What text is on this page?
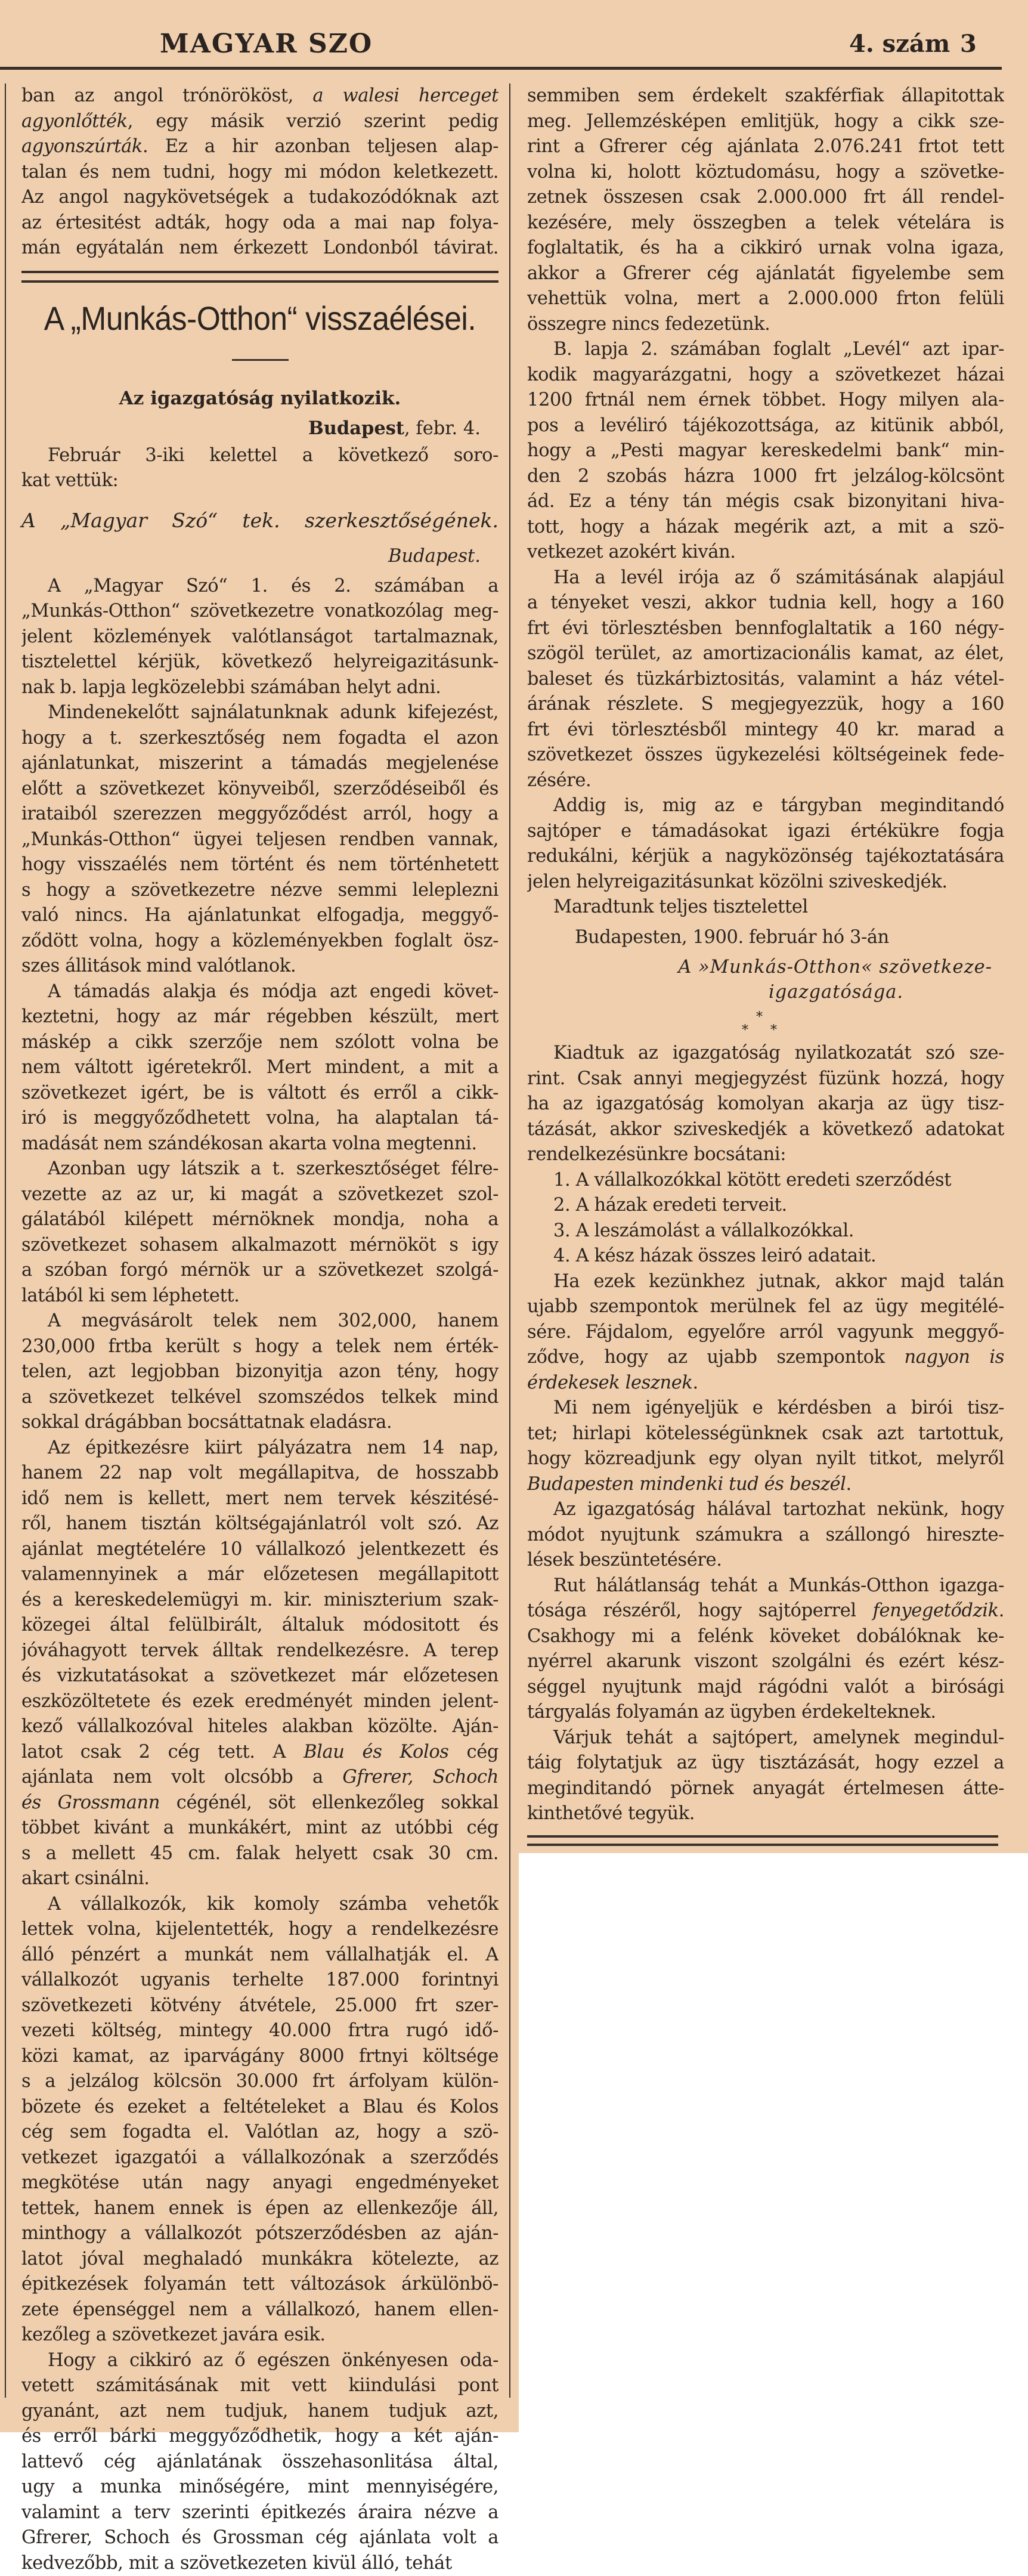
MAGYAR SZO	4. szám 3
ban az angol trónörököst, a walesi herceget
agyonlőtték, egy másik verzió szerint pedig
agyonszúrták. Ez a hir azonban teljesen alap-
talan és nem tudni, hogy mi módon keletkezett.
Az angol nagykövetségek a tudakozódóknak azt
az értesitést adták, hogy oda a mai nap folya-
mán egyátalán nem érkezett Londonból távirat.
A „Munkás-Otthon“ visszaélései.
Az igazgatóság nyilatkozik.
Budapest, febr. 4.
Február 3-iki kelettel a következő soro-
kat vettük:
A „Magyar Szó“ tek. szerkesztőségének.
Budapest.
A „Magyar Szó“ 1. és 2. számában a
„Munkás-Otthon“ szövetkezetre vonatkozólag meg-
jelent közlemények valótlanságot tartalmaznak,
tisztelettel kérjük, következő helyreigazitásunk-
nak b. lapja legközelebbi számában helyt adni.
Mindenekelőtt sajnálatunknak adunk kifejezést,
hogy a t. szerkesztőség nem fogadta el azon
ajánlatunkat, miszerint a támadás megjelenése
előtt a szövetkezet könyveiből, szerződéseiből és
irataiból szerezzen meggyőződést arról, hogy a
„Munkás-Otthon“ ügyei teljesen rendben vannak,
hogy visszaélés nem történt és nem történhetett
s hogy a szövetkezetre nézve semmi leleplezni
való nincs. Ha ajánlatunkat elfogadja, meggyő-
ződött volna, hogy a közleményekben foglalt ösz-
szes állitások mind valótlanok.
A támadás alakja és módja azt engedi követ-
keztetni, hogy az már régebben készült, mert
máskép a cikk szerzője nem szólott volna be
nem váltott igéretekről. Mert mindent, a mit a
szövetkezet igért, be is váltott és erről a cikk-
iró is meggyőződhetett volna, ha alaptalan tá-
madását nem szándékosan akarta volna megtenni.
Azonban ugy látszik a t. szerkesztőséget félre-
vezette az az ur, ki magát a szövetkezet szol-
gálatából kilépett mérnöknek mondja, noha a
szövetkezet sohasem alkalmazott mérnököt s igy
a szóban forgó mérnök ur a szövetkezet szolgá-
latából ki sem léphetett.
A megvásárolt telek nem 302,000, hanem
230,000 frtba került s hogy a telek nem érték-
telen, azt legjobban bizonyitja azon tény, hogy
a szövetkezet telkével szomszédos telkek mind
sokkal drágábban bocsáttatnak eladásra.
Az épitkezésre kiirt pályázatra nem 14 nap,
hanem 22 nap volt megállapitva, de hosszabb
idő nem is kellett, mert nem tervek készitésé-
ről, hanem tisztán költségajánlatról volt szó. Az
ajánlat megtételére 10 vállalkozó jelentkezett és
valamennyinek a már előzetesen megállapitott
és a kereskedelemügyi m. kir. miniszterium szak-
közegei által felülbirált, általuk módositott és
jóváhagyott tervek álltak rendelkezésre. A terep
és vizkutatásokat a szövetkezet már előzetesen
eszközöltetete és ezek eredményét minden jelent-
kező vállalkozóval hiteles alakban közölte. Aján-
latot csak 2 cég tett. A Blau és Kolos cég
ajánlata nem volt olcsóbb a Gfrerer, Schoch
és Grossmann cégénél, söt ellenkezőleg sokkal
többet kivánt a munkákért, mint az utóbbi cég
s a mellett 45 cm. falak helyett csak 30 cm.
akart csinálni.
A vállalkozók, kik komoly számba vehetők
lettek volna, kijelentették, hogy a rendelkezésre
álló pénzért a munkát nem vállalhatják el. A
vállalkozót ugyanis terhelte 187.000 forintnyi
szövetkezeti kötvény átvétele, 25.000 frt szer-
vezeti költség, mintegy 40.000 frtra rugó idő-
közi kamat, az iparvágány 8000 frtnyi költsége
s a jelzálog kölcsön 30.000 frt árfolyam külön-
bözete és ezeket a feltételeket a Blau és Kolos
cég sem fogadta el. Valótlan az, hogy a szö-
vetkezet igazgatói a vállalkozónak a szerződés
megkötése után nagy anyagi engedményeket
tettek, hanem ennek is épen az ellenkezője áll,
minthogy a vállalkozót pótszerződésben az aján-
latot jóval meghaladó munkákra kötelezte, az
épitkezések folyamán tett változások árkülönbö-
zete épenséggel nem a vállalkozó, hanem ellen-
kezőleg a szövetkezet javára esik.
Hogy a cikkiró az ő egészen önkényesen oda-
vetett számitásának mit vett kiindulási pont
gyanánt, azt nem tudjuk, hanem tudjuk azt,
és erről bárki meggyőződhetik, hogy a két aján-
lattevő cég ajánlatának összehasonlitása által,
ugy a munka minőségére, mint mennyiségére,
valamint a terv szerinti épitkezés áraira nézve a
Gfrerer, Schoch és Grossman cég ajánlata volt a
kedvezőbb, mit a szövetkezeten kivül álló, tehát
semmiben sem érdekelt szakférfiak állapitottak
meg. Jellemzésképen emlitjük, hogy a cikk sze-
rint a Gfrerer cég ajánlata 2.076.241 frtot tett
volna ki, holott köztudomásu, hogy a szövetke-
zetnek összesen csak 2.000.000 frt áll rendel-
kezésére, mely összegben a telek vételára is
foglaltatik, és ha a cikkiró urnak volna igaza,
akkor a Gfrerer cég ajánlatát figyelembe sem
vehettük volna, mert a 2.000.000 frton felüli
összegre nincs fedezetünk.
B. lapja 2. számában foglalt „Levél“ azt ipar-
kodik magyarázgatni, hogy a szövetkezet házai
1200 frtnál nem érnek többet. Hogy milyen ala-
pos a levéliró tájékozottsága, az kitünik abból,
hogy a „Pesti magyar kereskedelmi bank“ min-
den 2 szobás házra 1000 frt jelzálog-kölcsönt
ád. Ez a tény tán mégis csak bizonyitani hiva-
tott, hogy a házak megérik azt, a mit a szö-
vetkezet azokért kiván.
Ha a levél irója az ő számitásának alapjául
a tényeket veszi, akkor tudnia kell, hogy a 160
frt évi törlesztésben bennfoglaltatik a 160 négy-
szögöl terület, az amortizacionális kamat, az élet,
baleset és tüzkárbiztositás, valamint a ház vétel-
árának részlete. S megjegyezzük, hogy a 160
frt évi törlesztésből mintegy 40 kr. marad a
szövetkezet összes ügykezelési költségeinek fede-
zésére.
Addig is, mig az e tárgyban meginditandó
sajtóper e támadásokat igazi értékükre fogja
redukálni, kérjük a nagyközönség tajékoztatására
jelen helyreigazitásunkat közölni sziveskedjék.
Maradtunk teljes tisztelettel
Budapesten, 1900. február hó 3-án
A »Munkás-Otthon« szövetkeze-
igazgatósága.
*
* *
Kiadtuk az igazgatóság nyilatkozatát szó sze-
rint. Csak annyi megjegyzést füzünk hozzá, hogy
ha az igazgatóság komolyan akarja az ügy tisz-
tázását, akkor sziveskedjék a következő adatokat
rendelkezésünkre bocsátani:
1. A vállalkozókkal kötött eredeti szerződést
2. A házak eredeti terveit.
3. A leszámolást a vállalkozókkal.
4. A kész házak összes leiró adatait.
Ha ezek kezünkhez jutnak, akkor majd talán
ujabb szempontok merülnek fel az ügy megitélé-
sére. Fájdalom, egyelőre arról vagyunk meggyő-
ződve, hogy az ujabb szempontok nagyon is
érdekesek lesznek.
Mi nem igényeljük e kérdésben a birói tisz-
tet; hirlapi kötelességünknek csak azt tartottuk,
hogy közreadjunk egy olyan nyilt titkot, melyről
Budapesten mindenki tud és beszél.
Az igazgatóság hálával tartozhat nekünk, hogy
módot nyujtunk számukra a szállongó hireszte-
lések beszüntetésére.
Rut hálátlanság tehát a Munkás-Otthon igazga-
tósága részéről, hogy sajtóperrel fenyegetődzik.
Csakhogy mi a felénk köveket dobálóknak ke-
nyérrel akarunk viszont szolgálni és ezért kész-
séggel nyujtunk majd rágódni valót a birósági
tárgyalás folyamán az ügyben érdekelteknek.
Várjuk tehát a sajtópert, amelynek megindul-
táig folytatjuk az ügy tisztázását, hogy ezzel a
meginditandó pörnek anyagát értelmesen átte-
kinthetővé tegyük.
